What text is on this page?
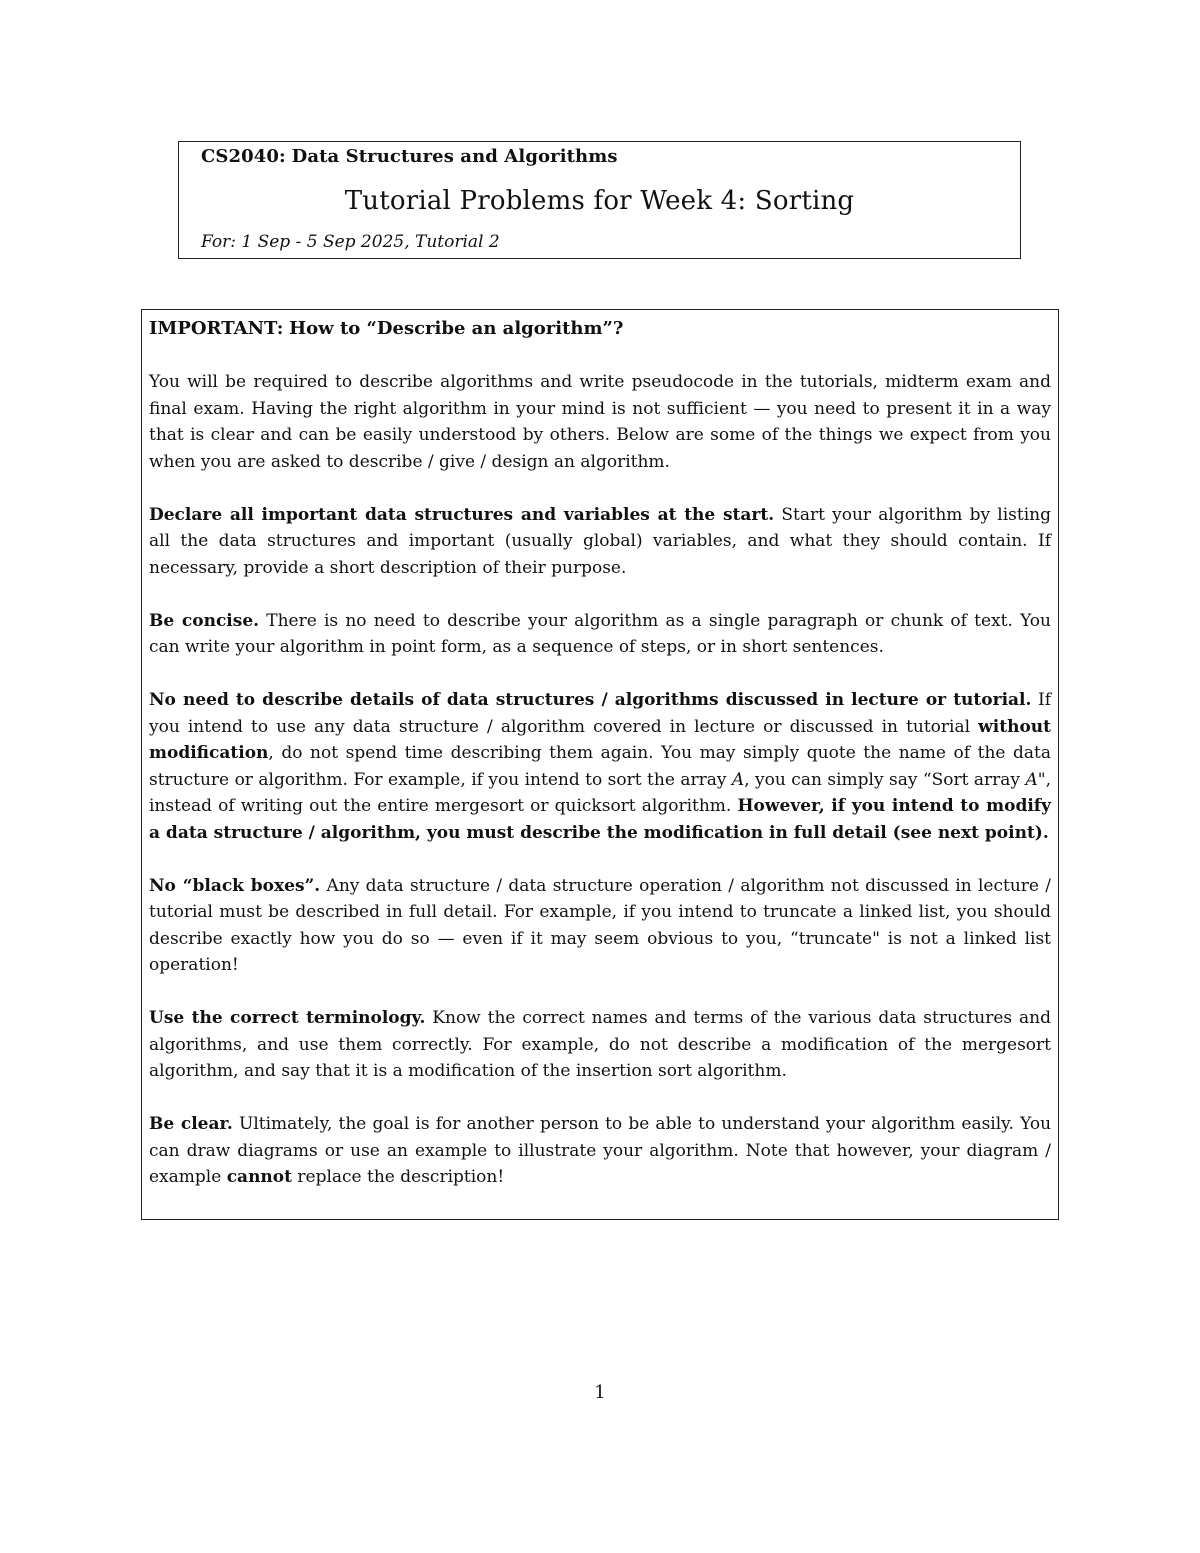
CS2040: Data Structures and Algorithms
Tutorial Problems for Week 4: Sorting
For: 1 Sep - 5 Sep 2025, Tutorial 2

IMPORTANT: How to “Describe an algorithm”?

You will be required to describe algorithms and write pseudocode in the tutorials, midterm exam and final exam. Having the right algorithm in your mind is not sufficient — you need to present it in a way that is clear and can be easily understood by others. Below are some of the things we expect from you when you are asked to describe / give / design an algorithm.

Declare all important data structures and variables at the start. Start your algorithm by listing all the data structures and important (usually global) variables, and what they should contain. If necessary, provide a short description of their purpose.

Be concise. There is no need to describe your algorithm as a single paragraph or chunk of text. You can write your algorithm in point form, as a sequence of steps, or in short sentences.

No need to describe details of data structures / algorithms discussed in lecture or tutorial. If you intend to use any data structure / algorithm covered in lecture or discussed in tutorial without modification, do not spend time describing them again. You may simply quote the name of the data structure or algorithm. For example, if you intend to sort the array A, you can simply say “Sort array A", instead of writing out the entire mergesort or quicksort algorithm. However, if you intend to modify a data structure / algorithm, you must describe the modification in full detail (see next point).

No “black boxes”. Any data structure / data structure operation / algorithm not discussed in lecture / tutorial must be described in full detail. For example, if you intend to truncate a linked list, you should describe exactly how you do so — even if it may seem obvious to you, “truncate" is not a linked list operation!

Use the correct terminology. Know the correct names and terms of the various data structures and algorithms, and use them correctly. For example, do not describe a modification of the mergesort algorithm, and say that it is a modification of the insertion sort algorithm.

Be clear. Ultimately, the goal is for another person to be able to understand your algorithm easily. You can draw diagrams or use an example to illustrate your algorithm. Note that however, your diagram / example cannot replace the description!

1
